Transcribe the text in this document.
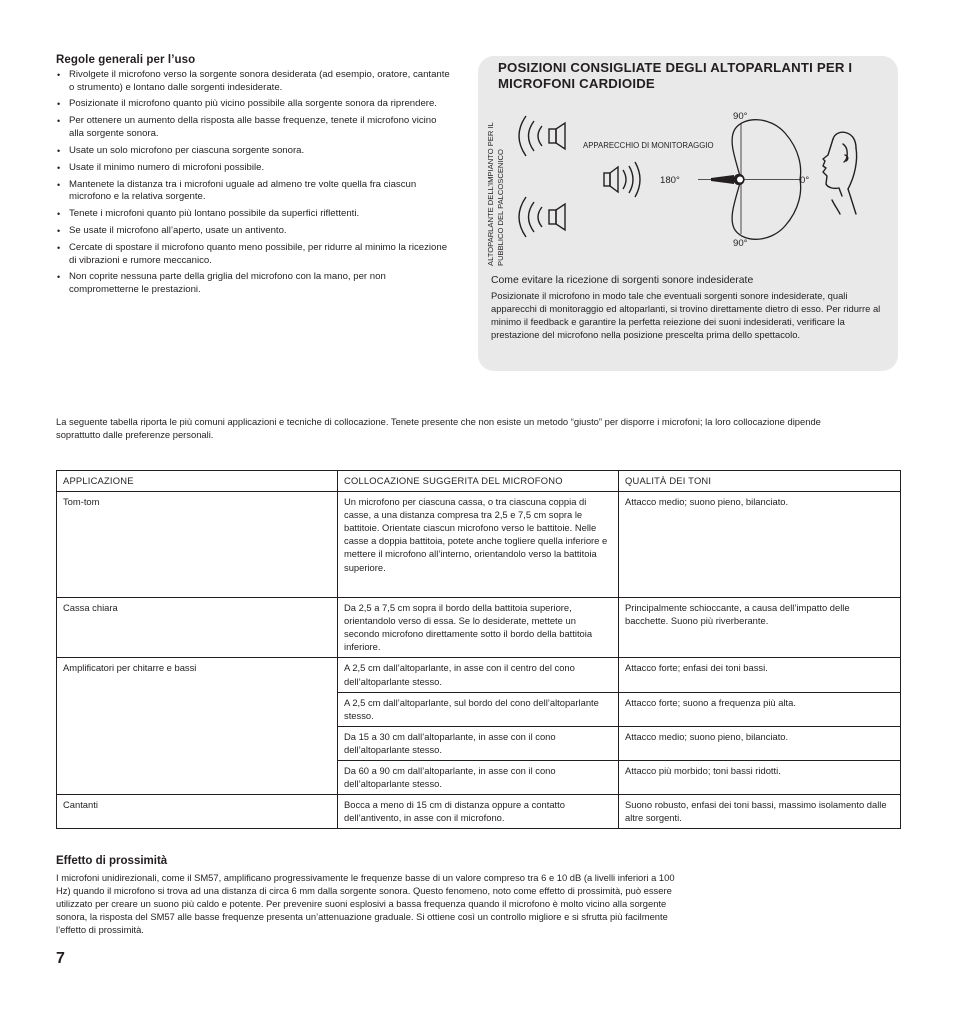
Regole generali per l’uso
• Rivolgete il microfono verso la sorgente sonora desiderata (ad esempio, oratore, cantante o strumento) e lontano dalle sorgenti indesiderate.
• Posizionate il microfono quanto più vicino possibile alla sorgente sonora da riprendere.
• Per ottenere un aumento della risposta alle basse frequenze, tenete il microfono vicino alla sorgente sonora.
• Usate un solo microfono per ciascuna sorgente sonora.
• Usate il minimo numero di microfoni possibile.
• Mantenete la distanza tra i microfoni uguale ad almeno tre volte quella fra ciascun microfono e la relativa sorgente.
• Tenete i microfoni quanto più lontano possibile da superfici riflettenti.
• Se usate il microfono all’aperto, usate un antivento.
• Cercate di spostare il microfono quanto meno possibile, per ridurre al minimo la ricezione di vibrazioni e rumore meccanico.
• Non coprite nessuna parte della griglia del microfono con la mano, per non comprometterne le prestazioni.
POSIZIONI CONSIGLIATE DEGLI ALTOPARLANTI PER I MICROFONI CARDIOIDE
ALTOPARLANTE DELL’IMPIANTO PER IL PUBBLICO DEL PALCOSCENICO
APPARECCHIO DI MONITORAGGIO
90°
90°
180°	0°
Come evitare la ricezione di sorgenti sonore indesiderate
Posizionate il microfono in modo tale che eventuali sorgenti sonore indesiderate, quali apparecchi di monitoraggio ed altoparlanti, si trovino direttamente dietro di esso. Per ridurre al minimo il feedback e garantire la perfetta reiezione dei suoni indesiderati, verificare la prestazione del microfono nella posizione prescelta prima dello spettacolo.
La seguente tabella riporta le più comuni applicazioni e tecniche di collocazione. Tenete presente che non esiste un metodo “giusto” per disporre i microfoni; la loro collocazione dipende soprattutto dalle preferenze personali.
APPLICAZIONE	COLLOCAZIONE SUGGERITA DEL MICROFONO	QUALITÀ DEI TONI
Tom-tom	Un microfono per ciascuna cassa, o tra ciascuna coppia di casse, a una distanza compresa tra 2,5 e 7,5 cm sopra le battitoie. Orientate ciascun microfono verso le battitoie. Nelle casse a doppia battitoia, potete anche togliere quella inferiore e mettere il microfono all’interno, orientandolo verso la battitoia superiore.	Attacco medio; suono pieno, bilanciato.
Cassa chiara	Da 2,5 a 7,5 cm sopra il bordo della battitoia superiore, orientandolo verso di essa. Se lo desiderate, mettete un secondo microfono direttamente sotto il bordo della battitoia inferiore.	Principalmente schioccante, a causa dell’impatto delle bacchette. Suono più riverberante.
Amplificatori per chitarre e bassi	A 2,5 cm dall’altoparlante, in asse con il centro del cono dell’altoparlante stesso.	Attacco forte; enfasi dei toni bassi.
	A 2,5 cm dall’altoparlante, sul bordo del cono dell’altoparlante stesso.	Attacco forte; suono a frequenza più alta.
	Da 15 a 30 cm dall’altoparlante, in asse con il cono dell’altoparlante stesso.	Attacco medio; suono pieno, bilanciato.
	Da 60 a 90 cm dall’altoparlante, in asse con il cono dell’altoparlante stesso.	Attacco più morbido; toni bassi ridotti.
Cantanti	Bocca a meno di 15 cm di distanza oppure a contatto dell’antivento, in asse con il microfono.	Suono robusto, enfasi dei toni bassi, massimo isolamento dalle altre sorgenti.
Effetto di prossimità
I microfoni unidirezionali, come il SM57, amplificano progressivamente le frequenze basse di un valore compreso tra 6 e 10 dB (a livelli inferiori a 100 Hz) quando il microfono si trova ad una distanza di circa 6 mm dalla sorgente sonora. Questo fenomeno, noto come effetto di prossimità, può essere utilizzato per creare un suono più caldo e potente. Per prevenire suoni esplosivi a bassa frequenza quando il microfono è molto vicino alla sorgente sonora, la risposta del SM57 alle basse frequenze presenta un’attenuazione graduale. Si ottiene così un controllo migliore e si sfrutta più facilmente l’effetto di prossimità.
7
